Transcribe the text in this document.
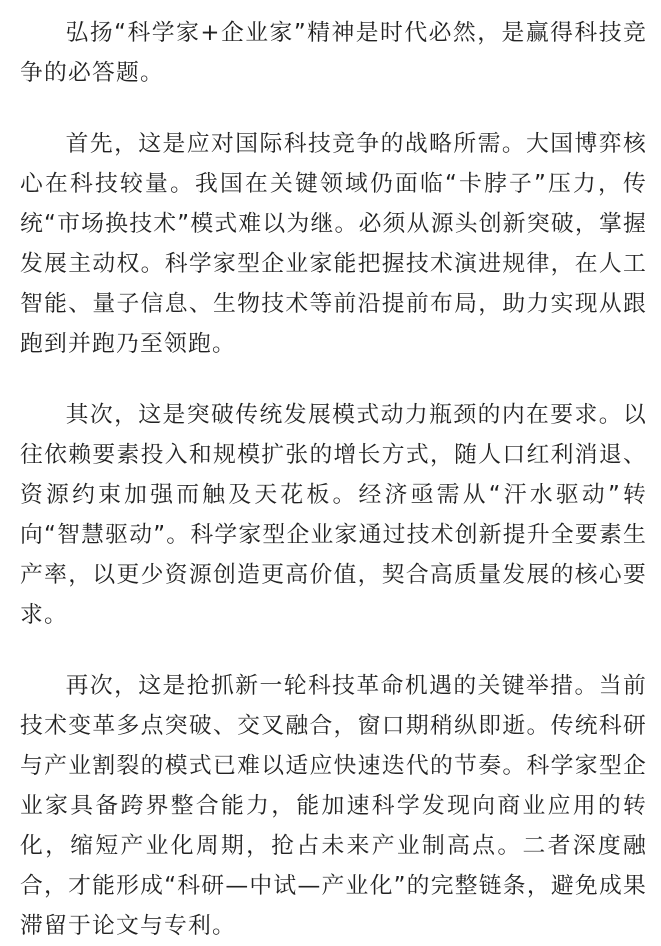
弘扬“科学家+企业家”精神是时代必然，是赢得科技竞争的必答题。

首先，这是应对国际科技竞争的战略所需。大国博弈核心在科技较量。我国在关键领域仍面临“卡脖子”压力，传统“市场换技术”模式难以为继。必须从源头创新突破，掌握发展主动权。科学家型企业家能把握技术演进规律，在人工智能、量子信息、生物技术等前沿提前布局，助力实现从跟跑到并跑乃至领跑。

其次，这是突破传统发展模式动力瓶颈的内在要求。以往依赖要素投入和规模扩张的增长方式，随人口红利消退、资源约束加强而触及天花板。经济亟需从“汗水驱动”转向“智慧驱动”。科学家型企业家通过技术创新提升全要素生产率，以更少资源创造更高价值，契合高质量发展的核心要求。

再次，这是抢抓新一轮科技革命机遇的关键举措。当前技术变革多点突破、交叉融合，窗口期稍纵即逝。传统科研与产业割裂的模式已难以适应快速迭代的节奏。科学家型企业家具备跨界整合能力，能加速科学发现向商业应用的转化，缩短产业化周期，抢占未来产业制高点。二者深度融合，才能形成“科研—中试—产业化”的完整链条，避免成果滞留于论文与专利。
